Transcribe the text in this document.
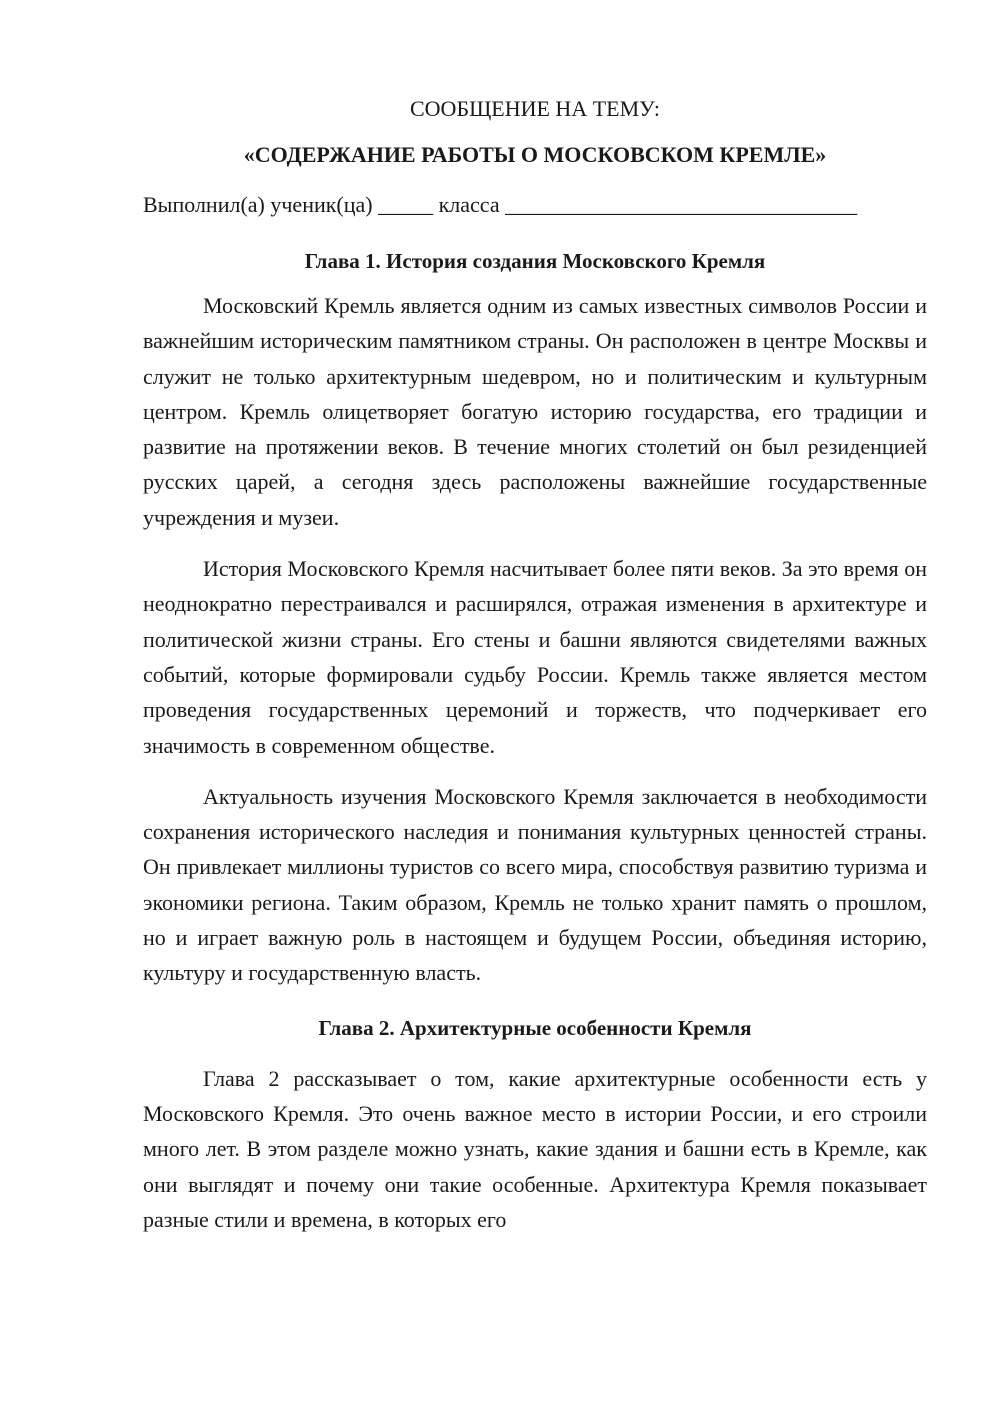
СООБЩЕНИЕ НА ТЕМУ:

«СОДЕРЖАНИЕ РАБОТЫ О МОСКОВСКОМ КРЕМЛЕ»

Выполнил(а) ученик(ца) _____ класса ________________________________

Глава 1. История создания Московского Кремля

Московский Кремль является одним из самых известных символов России и важнейшим историческим памятником страны. Он расположен в центре Москвы и служит не только архитектурным шедевром, но и политическим и культурным центром. Кремль олицетворяет богатую историю государства, его традиции и развитие на протяжении веков. В течение многих столетий он был резиденцией русских царей, а сегодня здесь расположены важнейшие государственные учреждения и музеи.

История Московского Кремля насчитывает более пяти веков. За это время он неоднократно перестраивался и расширялся, отражая изменения в архитектуре и политической жизни страны. Его стены и башни являются свидетелями важных событий, которые формировали судьбу России. Кремль также является местом проведения государственных церемоний и торжеств, что подчеркивает его значимость в современном обществе.

Актуальность изучения Московского Кремля заключается в необходимости сохранения исторического наследия и понимания культурных ценностей страны. Он привлекает миллионы туристов со всего мира, способствуя развитию туризма и экономики региона. Таким образом, Кремль не только хранит память о прошлом, но и играет важную роль в настоящем и будущем России, объединяя историю, культуру и государственную власть.

Глава 2. Архитектурные особенности Кремля

Глава 2 рассказывает о том, какие архитектурные особенности есть у Московского Кремля. Это очень важное место в истории России, и его строили много лет. В этом разделе можно узнать, какие здания и башни есть в Кремле, как они выглядят и почему они такие особенные. Архитектура Кремля показывает разные стили и времена, в которых его
